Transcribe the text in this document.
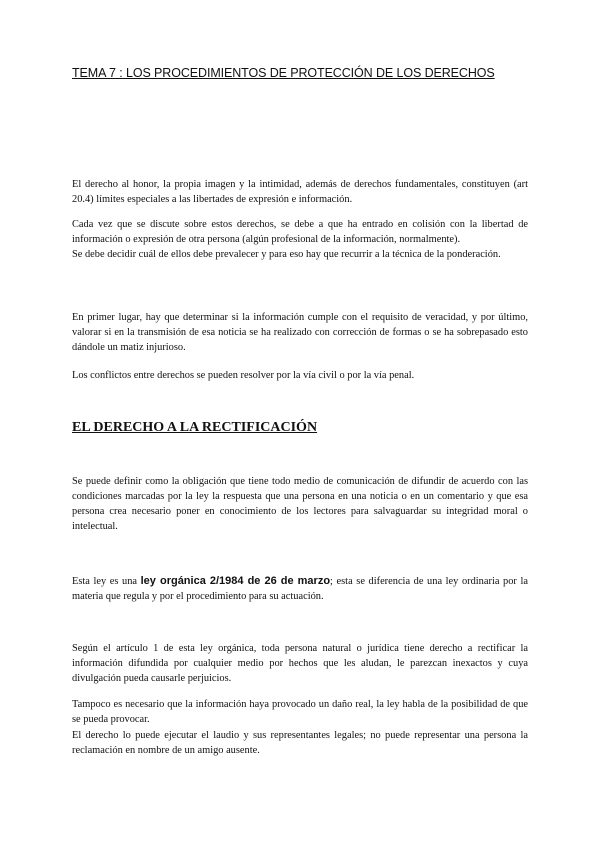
TEMA 7 : LOS PROCEDIMIENTOS DE PROTECCIÓN DE LOS DERECHOS

El derecho al honor, la propia imagen y la intimidad, además de derechos fundamentales, constituyen (art 20.4) límites especiales a las libertades de expresión e información.

Cada vez que se discute sobre estos derechos, se debe a que ha entrado en colisión con la libertad de información o expresión de otra persona (algún profesional de la información, normalmente).

Se debe decidir cuál de ellos debe prevalecer y para eso hay que recurrir a la técnica de la ponderación.

En primer lugar, hay que determinar si la información cumple con el requisito de veracidad, y por último, valorar si en la transmisión de esa noticia se ha realizado con corrección de formas o se ha sobrepasado esto dándole un matiz injurioso.

Los conflictos entre derechos se pueden resolver por la vía civil o por la vía penal.

EL DERECHO A LA RECTIFICACIÓN

Se puede definir como la obligación que tiene todo medio de comunicación de difundir de acuerdo con las condiciones marcadas por la ley la respuesta que una persona en una noticia o en un comentario y que esa persona crea necesario poner en conocimiento de los lectores para salvaguardar su integridad moral o intelectual.

Esta ley es una ley orgánica 2/1984 de 26 de marzo; esta se diferencia de una ley ordinaria por la materia que regula y por el procedimiento para su actuación.

Según el artículo 1 de esta ley orgánica, toda persona natural o jurídica tiene derecho a rectificar la información difundida por cualquier medio por hechos que les aludan, le parezcan inexactos y cuya divulgación pueda causarle perjuicios.

Tampoco es necesario que la información haya provocado un daño real, la ley habla de la posibilidad de que se pueda provocar.

El derecho lo puede ejecutar el laudio y sus representantes legales; no puede representar una persona la reclamación en nombre de un amigo ausente.
